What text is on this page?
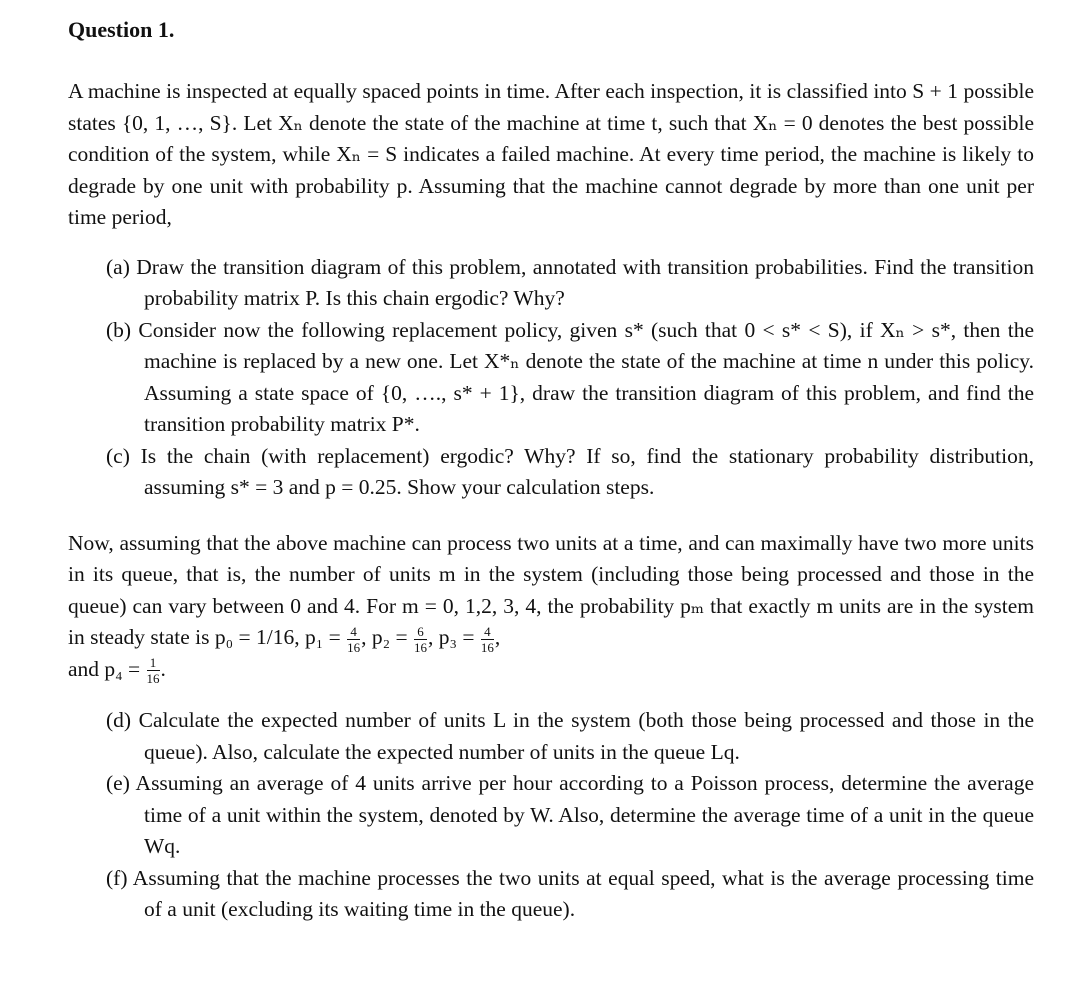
Question 1.

A machine is inspected at equally spaced points in time. After each inspection, it is classified into S + 1 possible states {0, 1, …, S}. Let Xₙ denote the state of the machine at time t, such that Xₙ = 0 denotes the best possible condition of the system, while Xₙ = S indicates a failed machine. At every time period, the machine is likely to degrade by one unit with probability p. Assuming that the machine cannot degrade by more than one unit per time period,

(a) Draw the transition diagram of this problem, annotated with transition probabilities. Find the transition probability matrix P. Is this chain ergodic? Why?

(b) Consider now the following replacement policy, given s* (such that 0 < s* < S), if Xₙ > s*, then the machine is replaced by a new one. Let X*ₙ denote the state of the machine at time n under this policy. Assuming a state space of {0, …., s* + 1}, draw the transition diagram of this problem, and find the transition probability matrix P*.

(c) Is the chain (with replacement) ergodic? Why? If so, find the stationary probability distribution, assuming s* = 3 and p = 0.25. Show your calculation steps.

Now, assuming that the above machine can process two units at a time, and can maximally have two more units in its queue, that is, the number of units m in the system (including those being processed and those in the queue) can vary between 0 and 4. For m = 0, 1,2, 3, 4, the probability pₘ that exactly m units are in the system in steady state is p₀ = 1/16, $p_1 = \frac{4}{16}$ , $p_2 = \frac{6}{16}$ , $p_3 = \frac{4}{16}$ ,
and $p_4 = \frac{1}{16}$ .

(d) Calculate the expected number of units L in the system (both those being processed and those in the queue). Also, calculate the expected number of units in the queue Lq.

(e) Assuming an average of 4 units arrive per hour according to a Poisson process, determine the average time of a unit within the system, denoted by W. Also, determine the average time of a unit in the queue Wq.

(f) Assuming that the machine processes the two units at equal speed, what is the average processing time of a unit (excluding its waiting time in the queue).
